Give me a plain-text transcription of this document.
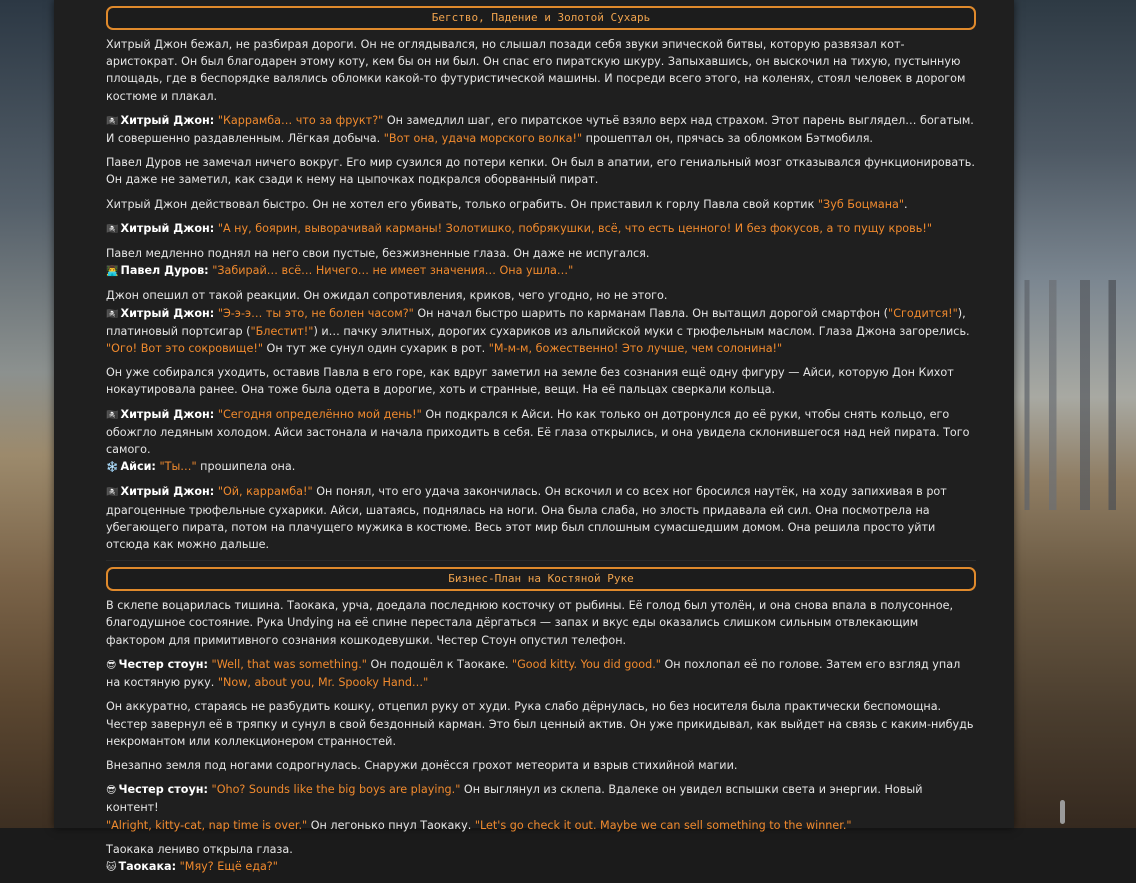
Бегство, Падение и Золотой Сухарь

Хитрый Джон бежал, не разбирая дороги. Он не оглядывался, но слышал позади себя звуки эпической битвы, которую развязал кот-аристократ. Он был благодарен этому коту, кем бы он ни был. Он спас его пиратскую шкуру. Запыхавшись, он выскочил на тихую, пустынную площадь, где в беспорядке валялись обломки какой-то футуристической машины. И посреди всего этого, на коленях, стоял человек в дорогом костюме и плакал.

🏴‍☠️ Хитрый Джон: "Каррамба… что за фрукт?" Он замедлил шаг, его пиратское чутьё взяло верх над страхом. Этот парень выглядел… богатым. И совершенно раздавленным. Лёгкая добыча. "Вот она, удача морского волка!" прошептал он, прячась за обломком Бэтмобиля.

Павел Дуров не замечал ничего вокруг. Его мир сузился до потери кепки. Он был в апатии, его гениальный мозг отказывался функционировать. Он даже не заметил, как сзади к нему на цыпочках подкрался оборванный пират.

Хитрый Джон действовал быстро. Он не хотел его убивать, только ограбить. Он приставил к горлу Павла свой кортик "Зуб Боцмана".

🏴‍☠️ Хитрый Джон: "А ну, боярин, выворачивай карманы! Золотишко, побрякушки, всё, что есть ценного! И без фокусов, а то пущу кровь!"

Павел медленно поднял на него свои пустые, безжизненные глаза. Он даже не испугался.
👨‍💻 Павел Дуров: "Забирай… всё… Ничего… не имеет значения… Она ушла…"

Джон опешил от такой реакции. Он ожидал сопротивления, криков, чего угодно, но не этого.
🏴‍☠️ Хитрый Джон: "Э-э-э… ты это, не болен часом?" Он начал быстро шарить по карманам Павла. Он вытащил дорогой смартфон ("Сгодится!"), платиновый портсигар ("Блестит!") и… пачку элитных, дорогих сухариков из альпийской муки с трюфельным маслом. Глаза Джона загорелись. "Ого! Вот это сокровище!" Он тут же сунул один сухарик в рот. "М-м-м, божественно! Это лучше, чем солонина!"

Он уже собирался уходить, оставив Павла в его горе, как вдруг заметил на земле без сознания ещё одну фигуру — Айси, которую Дон Кихот нокаутировала ранее. Она тоже была одета в дорогие, хоть и странные, вещи. На её пальцах сверкали кольца.

🏴‍☠️ Хитрый Джон: "Сегодня определённо мой день!" Он подкрался к Айси. Но как только он дотронулся до её руки, чтобы снять кольцо, его обожгло ледяным холодом. Айси застонала и начала приходить в себя. Её глаза открылись, и она увидела склонившегося над ней пирата. Того самого.
❄️ Айси: "Ты…" прошипела она.

🏴‍☠️ Хитрый Джон: "Ой, каррамба!" Он понял, что его удача закончилась. Он вскочил и со всех ног бросился наутёк, на ходу запихивая в рот драгоценные трюфельные сухарики. Айси, шатаясь, поднялась на ноги. Она была слаба, но злость придавала ей сил. Она посмотрела на убегающего пирата, потом на плачущего мужика в костюме. Весь этот мир был сплошным сумасшедшим домом. Она решила просто уйти отсюда как можно дальше.

Бизнес-План на Костяной Руке

В склепе воцарилась тишина. Таокака, урча, доедала последнюю косточку от рыбины. Её голод был утолён, и она снова впала в полусонное, благодушное состояние. Рука Undying на её спине перестала дёргаться — запах и вкус еды оказались слишком сильным отвлекающим фактором для примитивного сознания кошкодевушки. Честер Стоун опустил телефон.

😎 Честер стоун: "Well, that was something." Он подошёл к Таокаке. "Good kitty. You did good." Он похлопал её по голове. Затем его взгляд упал на костяную руку. "Now, about you, Mr. Spooky Hand…"

Он аккуратно, стараясь не разбудить кошку, отцепил руку от худи. Рука слабо дёрнулась, но без носителя была практически беспомощна. Честер завернул её в тряпку и сунул в свой бездонный карман. Это был ценный актив. Он уже прикидывал, как выйдет на связь с каким-нибудь некромантом или коллекционером странностей.

Внезапно земля под ногами содрогнулась. Снаружи донёсся грохот метеорита и взрыв стихийной магии.

😎 Честер стоун: "Oho? Sounds like the big boys are playing." Он выглянул из склепа. Вдалеке он увидел вспышки света и энергии. Новый контент!
"Alright, kitty-cat, nap time is over." Он легонько пнул Таокаку. "Let's go check it out. Maybe we can sell something to the winner."

Таокака лениво открыла глаза.
🐱 Таокака: "Мяу? Ещё еда?"
